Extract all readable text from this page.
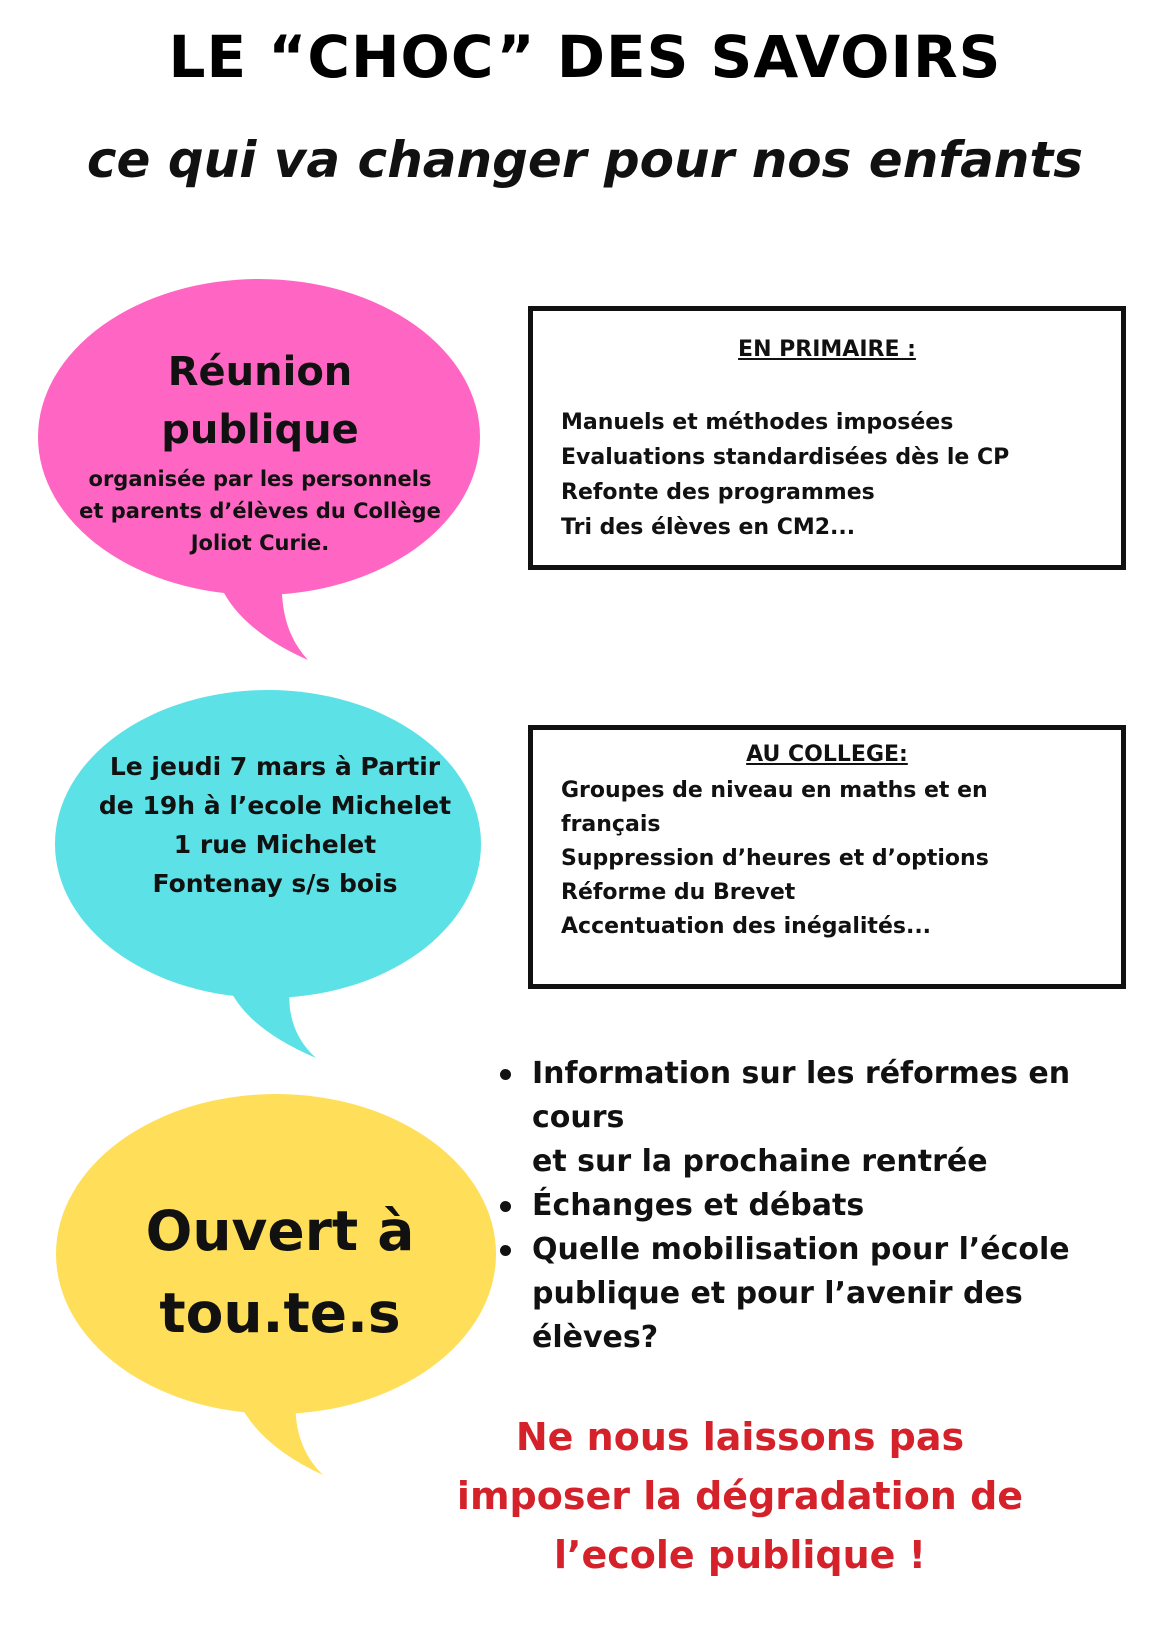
LE “CHOC” DES SAVOIRS
ce qui va changer pour nos enfants
Réunion
publique
organisée par les personnels
et parents d’élèves du Collège
Joliot Curie.
Le jeudi 7 mars à Partir
de 19h à l’ecole Michelet
1 rue Michelet
Fontenay s/s bois
Ouvert à
tou.te.s
EN PRIMAIRE :
Manuels et méthodes imposées
Evaluations standardisées dès le CP
Refonte des programmes
Tri des élèves en CM2...
AU COLLEGE:
Groupes de niveau en maths et en
français
Suppression d’heures et d’options
Réforme du Brevet
Accentuation des inégalités...
Information sur les réformes en cours
et sur la prochaine rentrée
Échanges et débats
Quelle mobilisation pour l’école
publique et pour l’avenir des élèves?
Ne nous laissons pas
imposer la dégradation de
l’ecole publique !
